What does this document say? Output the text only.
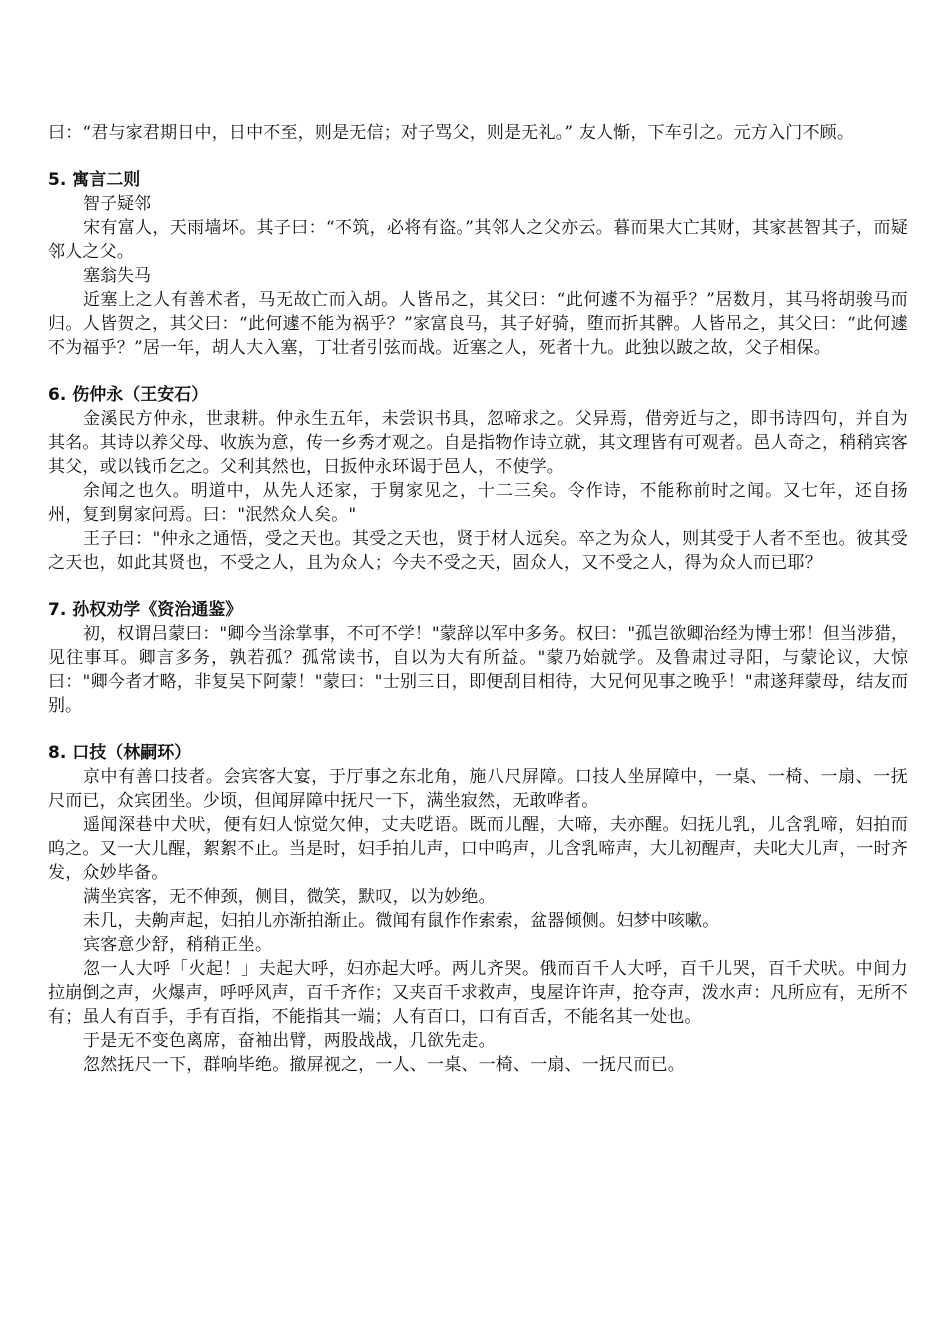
曰：“君与家君期日中，日中不至，则是无信；对子骂父，则是无礼。” 友人惭，下车引之。元方入门不顾。

5. 寓言二则

智子疑邻

宋有富人，天雨墙坏。其子曰：“不筑，必将有盗。”其邻人之父亦云。暮而果大亡其财，其家甚智其子，而疑邻人之父。

塞翁失马

近塞上之人有善术者，马无故亡而入胡。人皆吊之，其父曰：“此何遽不为福乎？”居数月，其马将胡骏马而归。人皆贺之，其父曰：“此何遽不能为祸乎？”家富良马，其子好骑，堕而折其髀。人皆吊之，其父曰：“此何遽不为福乎？”居一年，胡人大入塞，丁壮者引弦而战。近塞之人，死者十九。此独以跛之故，父子相保。

6. 伤仲永（王安石）

金溪民方仲永，世隶耕。仲永生五年，未尝识书具，忽啼求之。父异焉，借旁近与之，即书诗四句，并自为其名。其诗以养父母、收族为意，传一乡秀才观之。自是指物作诗立就，其文理皆有可观者。邑人奇之，稍稍宾客其父，或以钱币乞之。父利其然也，日扳仲永环谒于邑人，不使学。

余闻之也久。明道中，从先人还家，于舅家见之，十二三矣。令作诗，不能称前时之闻。又七年，还自扬州，复到舅家问焉。曰："泯然众人矣。"

王子曰："仲永之通悟，受之天也。其受之天也，贤于材人远矣。卒之为众人，则其受于人者不至也。彼其受之天也，如此其贤也，不受之人，且为众人；今夫不受之天，固众人，又不受之人，得为众人而已耶？

7. 孙权劝学《资治通鉴》

初，权谓吕蒙曰："卿今当涂掌事，不可不学！"蒙辞以军中多务。权曰："孤岂欲卿治经为博士邪！但当涉猎，见往事耳。卿言多务，孰若孤？孤常读书，自以为大有所益。"蒙乃始就学。及鲁肃过寻阳，与蒙论议，大惊曰："卿今者才略，非复吴下阿蒙！"蒙曰："士别三日，即便刮目相待，大兄何见事之晚乎！"肃遂拜蒙母，结友而别。

8. 口技（林嗣环）

京中有善口技者。会宾客大宴，于厅事之东北角，施八尺屏障。口技人坐屏障中，一桌、一椅、一扇、一抚尺而已，众宾团坐。少顷，但闻屏障中抚尺一下，满坐寂然，无敢哗者。

遥闻深巷中犬吠，便有妇人惊觉欠伸，丈夫呓语。既而儿醒，大啼，夫亦醒。妇抚儿乳，儿含乳啼，妇拍而呜之。又一大儿醒，絮絮不止。当是时，妇手拍儿声，口中呜声，儿含乳啼声，大儿初醒声，夫叱大儿声，一时齐发，众妙毕备。

满坐宾客，无不伸颈，侧目，微笑，默叹，以为妙绝。

未几，夫齁声起，妇拍儿亦渐拍渐止。微闻有鼠作作索索，盆器倾侧。妇梦中咳嗽。

宾客意少舒，稍稍正坐。

忽一人大呼「火起！」夫起大呼，妇亦起大呼。两儿齐哭。俄而百千人大呼，百千儿哭，百千犬吠。中间力拉崩倒之声，火爆声，呼呼风声，百千齐作；又夹百千求救声，曳屋许许声，抢夺声，泼水声：凡所应有，无所不有；虽人有百手，手有百指，不能指其一端；人有百口，口有百舌，不能名其一处也。

于是无不变色离席，奋袖出臂，两股战战，几欲先走。

忽然抚尺一下，群响毕绝。撤屏视之，一人、一桌、一椅、一扇、一抚尺而已。
